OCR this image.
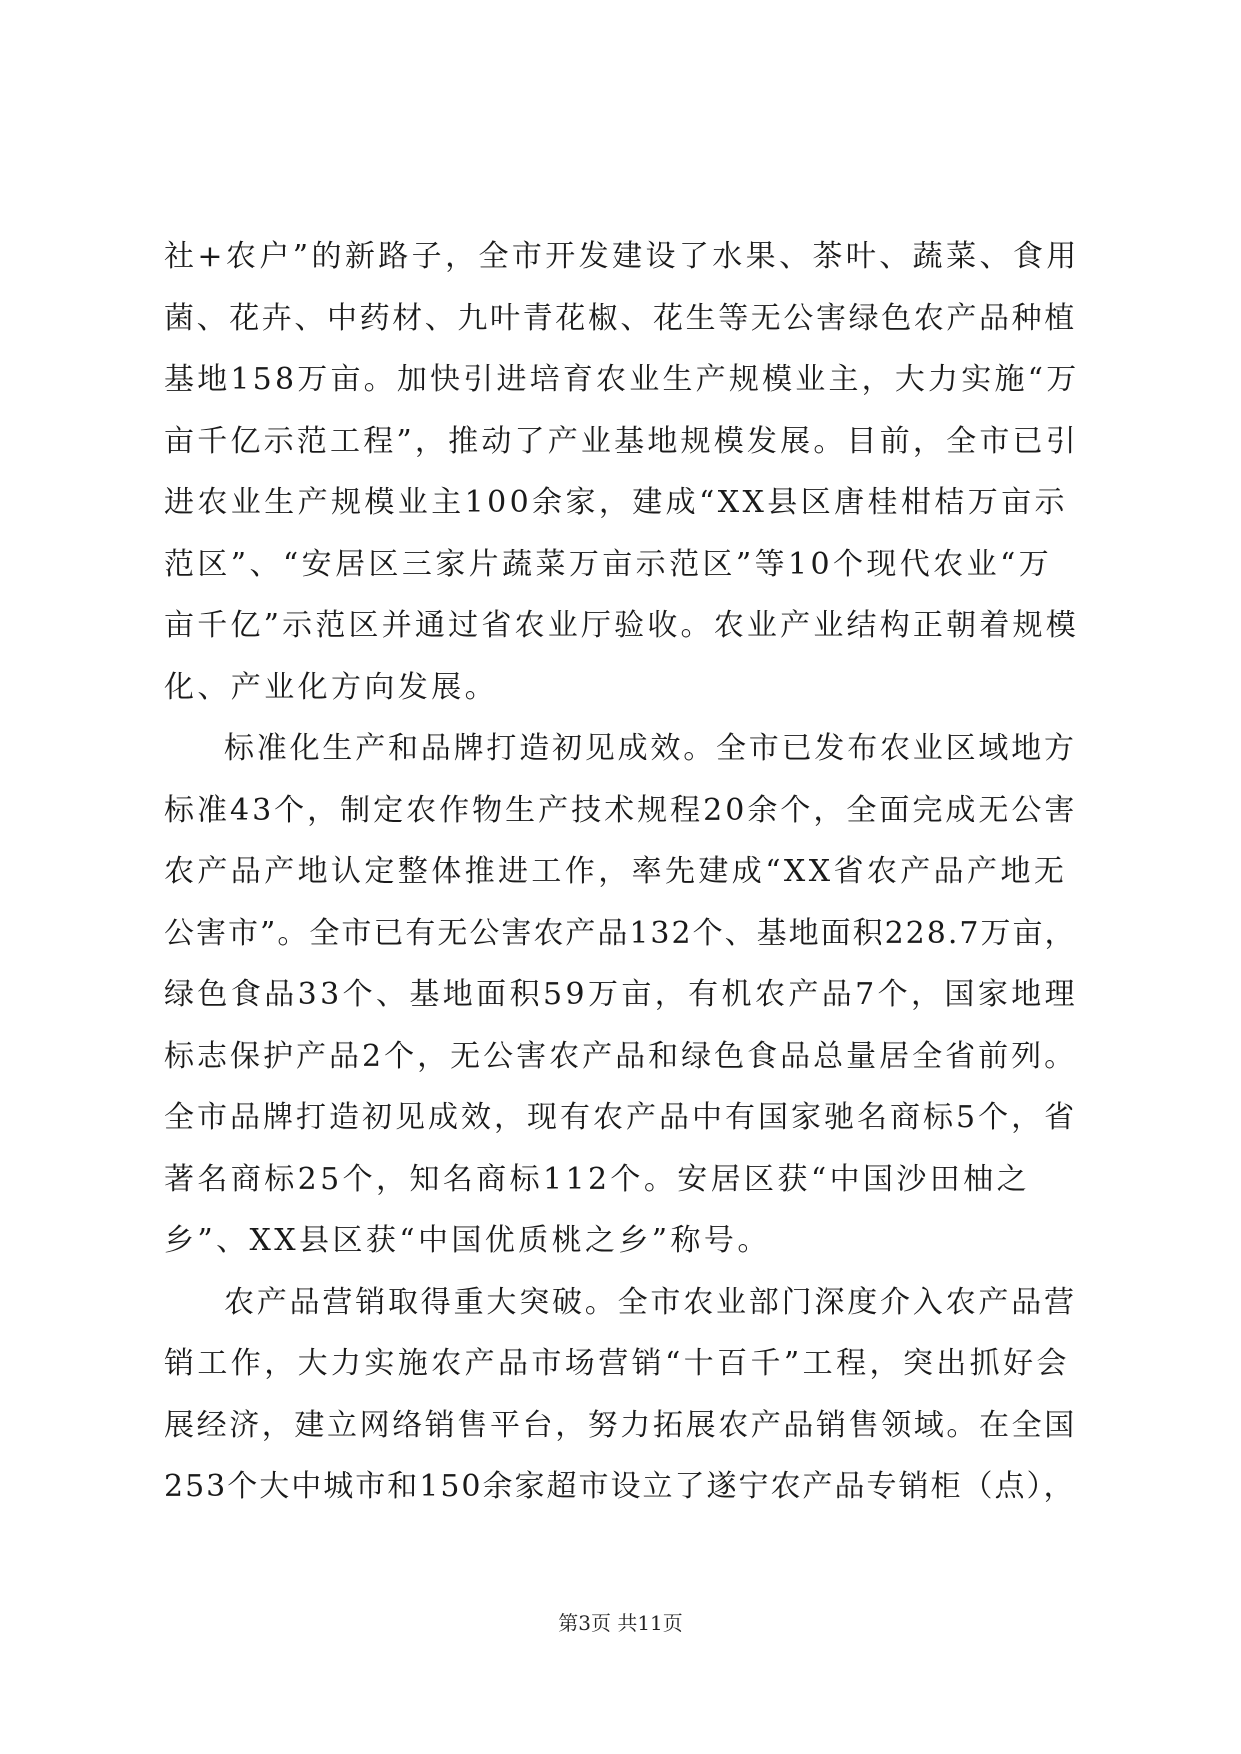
社+农户”的新路子，全市开发建设了水果、茶叶、蔬菜、食用
菌、花卉、中药材、九叶青花椒、花生等无公害绿色农产品种植
基地158万亩。加快引进培育农业生产规模业主，大力实施“万
亩千亿示范工程”，推动了产业基地规模发展。目前，全市已引
进农业生产规模业主100余家，建成“XX县区唐桂柑桔万亩示
范区”、“安居区三家片蔬菜万亩示范区”等10个现代农业“万
亩千亿”示范区并通过省农业厅验收。农业产业结构正朝着规模
化、产业化方向发展。
标准化生产和品牌打造初见成效。全市已发布农业区域地方
标准43个，制定农作物生产技术规程20余个，全面完成无公害
农产品产地认定整体推进工作，率先建成“XX省农产品产地无
公害市”。全市已有无公害农产品132个、基地面积228.7万亩，
绿色食品33个、基地面积59万亩，有机农产品7个，国家地理
标志保护产品2个，无公害农产品和绿色食品总量居全省前列。
全市品牌打造初见成效，现有农产品中有国家驰名商标5个，省
著名商标25个，知名商标112个。安居区获“中国沙田柚之
乡”、XX县区获“中国优质桃之乡”称号。
农产品营销取得重大突破。全市农业部门深度介入农产品营
销工作，大力实施农产品市场营销“十百千”工程，突出抓好会
展经济，建立网络销售平台，努力拓展农产品销售领域。在全国
253个大中城市和150余家超市设立了遂宁农产品专销柜（点），
第3页 共11页
